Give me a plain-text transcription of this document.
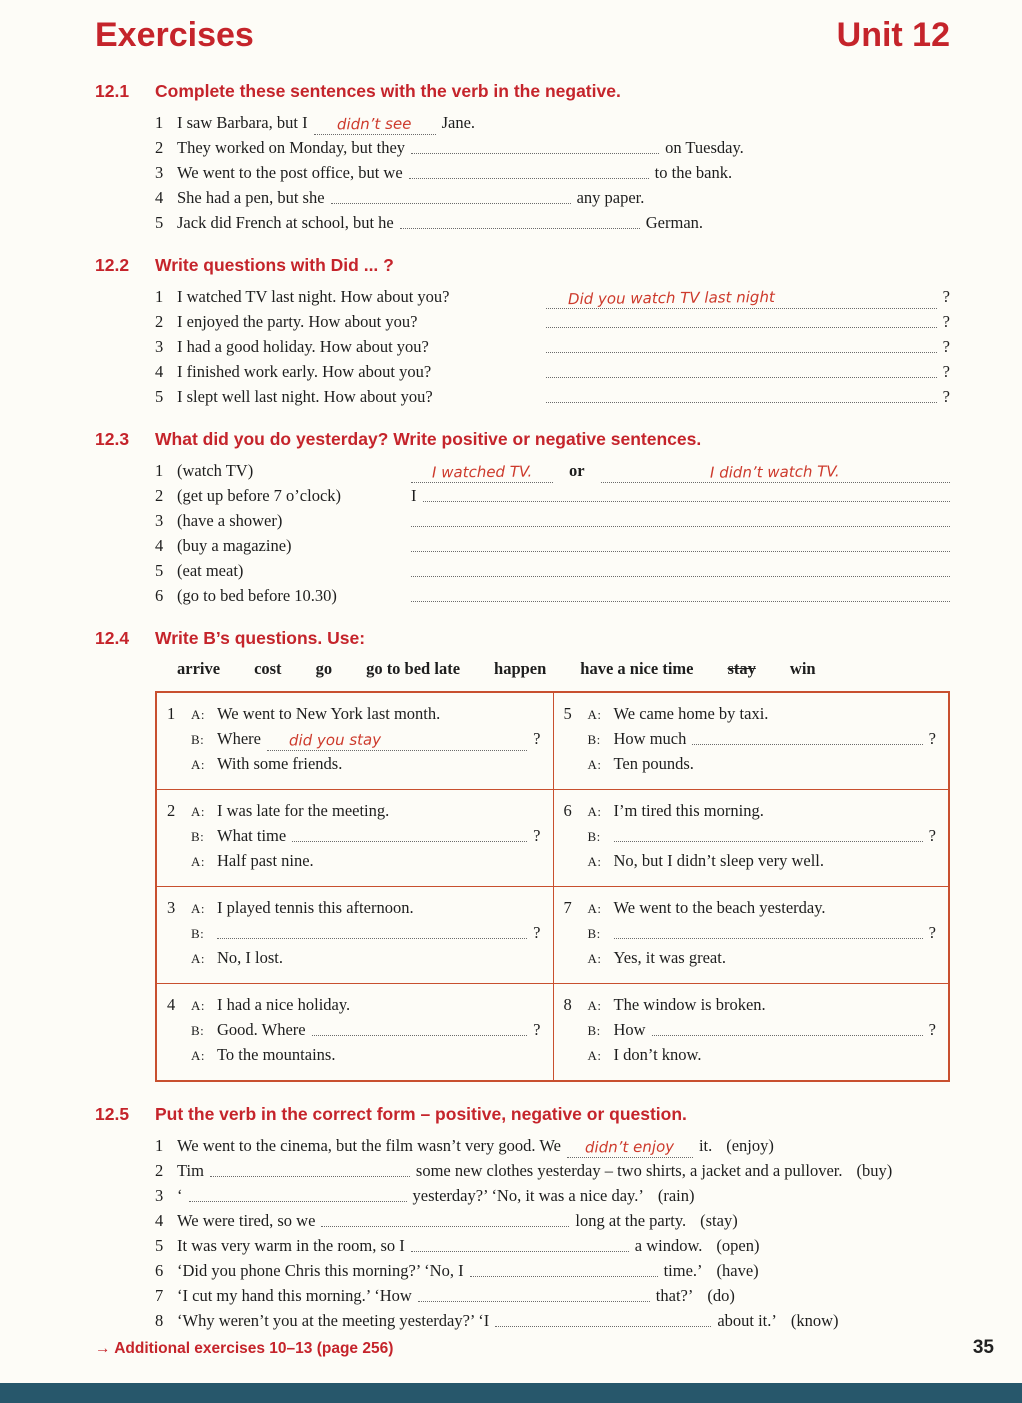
Exercises	Unit 12
12.1	Complete these sentences with the verb in the negative.
1 I saw Barbara, but I didn’t see Jane.
2 They worked on Monday, but they	on Tuesday.
3 We went to the post office, but we	to the bank.
4 She had a pen, but she	any paper.
5 Jack did French at school, but he	German.
12.2	Write questions with Did ... ?
1 I watched TV last night. How about you?	Did you watch TV last night	?
2 I enjoyed the party. How about you?	?
3 I had a good holiday. How about you?	?
4 I finished work early. How about you?	?
5 I slept well last night. How about you?	?
12.3	What did you do yesterday? Write positive or negative sentences.
1 (watch TV)	I watched TV. or	I didn’t watch TV.
2 (get up before 7 o’clock)	I
3 (have a shower)
4 (buy a magazine)
5 (eat meat)
6 (go to bed before 10.30)
12.4	Write B’s questions. Use:
arrive cost go go to bed late happen have a nice time stay win
1 A: We went to New York last month.
B: Where did you stay	?
A: With some friends.
5 A: We came home by taxi.
B: How much	?
A: Ten pounds.
2 A: I was late for the meeting.
B: What time	?
A: Half past nine.
6 A: I’m tired this morning.
B:	?
A: No, but I didn’t sleep very well.
3 A: I played tennis this afternoon.
B:	?
A: No, I lost.
7 A: We went to the beach yesterday.
B:	?
A: Yes, it was great.
4 A: I had a nice holiday.
B: Good. Where	?
A: To the mountains.
8 A: The window is broken.
B: How	?
A: I don’t know.
12.5	Put the verb in the correct form – positive, negative or question.
1 We went to the cinema, but the film wasn’t very good. We didn’t enjoy it. (enjoy)
2 Tim	some new clothes yesterday – two shirts, a jacket and a pullover. (buy)
3 ‘	yesterday?’ ‘No, it was a nice day.’ (rain)
4 We were tired, so we	long at the party. (stay)
5 It was very warm in the room, so I	a window. (open)
6 ‘Did you phone Chris this morning?’ ‘No, I	time.’ (have)
7 ‘I cut my hand this morning.’ ‘How	that?’ (do)
8 ‘Why weren’t you at the meeting yesterday?’ ‘I	about it.’ (know)
→ Additional exercises 10–13 (page 256)	35
